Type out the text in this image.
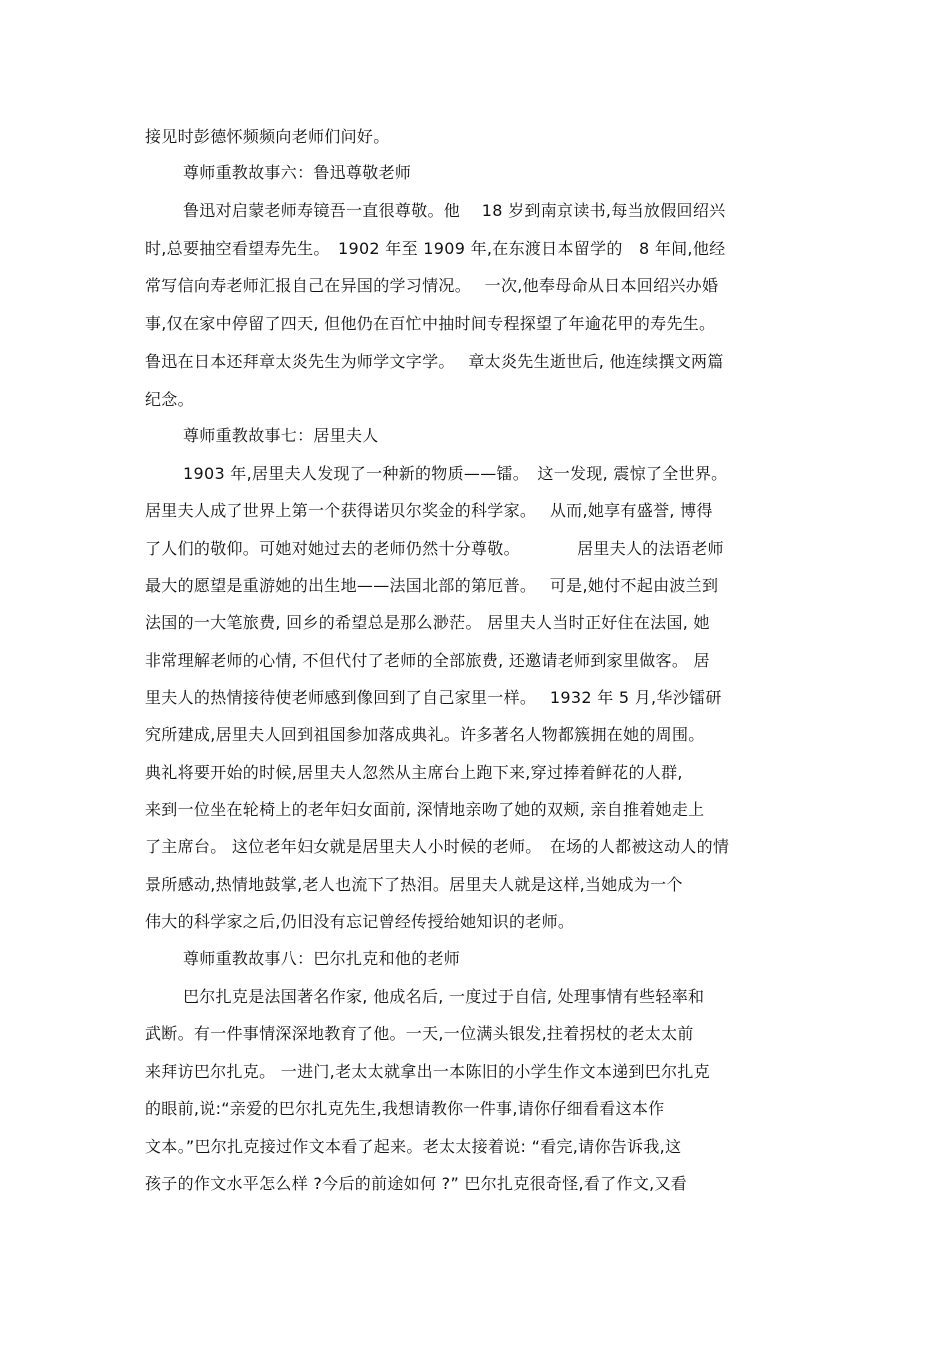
接见时彭德怀频频向老师们问好。
尊师重教故事六：鲁迅尊敬老师
鲁迅对启蒙老师寿镜吾一直很尊敬。他　 18 岁到南京读书,每当放假回绍兴
时,总要抽空看望寿先生。　1902 年至 1909 年,在东渡日本留学的　8 年间,他经
常写信向寿老师汇报自己在异国的学习情况。　 一次,他奉母命从日本回绍兴办婚
事,仅在家中停留了四天, 但他仍在百忙中抽时间专程探望了年逾花甲的寿先生。
鲁迅在日本还拜章太炎先生为师学文字学。　 章太炎先生逝世后, 他连续撰文两篇
纪念。
尊师重教故事七：居里夫人
1903 年,居里夫人发现了一种新的物质——镭。　这一发现, 震惊了全世界。
居里夫人成了世界上第一个获得诺贝尔奖金的科学家。　 从而,她享有盛誉, 博得
了人们的敬仰。可她对她过去的老师仍然十分尊敬。　　　　居里夫人的法语老师
最大的愿望是重游她的出生地——法国北部的第厄普。　 可是,她付不起由波兰到
法国的一大笔旅费, 回乡的希望总是那么渺茫。 居里夫人当时正好住在法国, 她
非常理解老师的心情, 不但代付了老师的全部旅费, 还邀请老师到家里做客。 居
里夫人的热情接待使老师感到像回到了自己家里一样。　 1932 年 5 月,华沙镭研
究所建成,居里夫人回到祖国参加落成典礼。许多著名人物都簇拥在她的周围。
典礼将要开始的时候,居里夫人忽然从主席台上跑下来,穿过捧着鲜花的人群,
来到一位坐在轮椅上的老年妇女面前, 深情地亲吻了她的双颊, 亲自推着她走上
了主席台。 这位老年妇女就是居里夫人小时候的老师。　在场的人都被这动人的情
景所感动,热情地鼓掌,老人也流下了热泪。居里夫人就是这样,当她成为一个
伟大的科学家之后,仍旧没有忘记曾经传授给她知识的老师。
尊师重教故事八：巴尔扎克和他的老师
巴尔扎克是法国著名作家, 他成名后, 一度过于自信, 处理事情有些轻率和
武断。有一件事情深深地教育了他。一天,一位满头银发,拄着拐杖的老太太前
来拜访巴尔扎克。 一进门,老太太就拿出一本陈旧的小学生作文本递到巴尔扎克
的眼前,说:“亲爱的巴尔扎克先生,我想请教你一件事,请你仔细看看这本作
文本。”巴尔扎克接过作文本看了起来。老太太接着说: “看完,请你告诉我,这
孩子的作文水平怎么样 ?今后的前途如何 ?” 巴尔扎克很奇怪,看了作文,又看
